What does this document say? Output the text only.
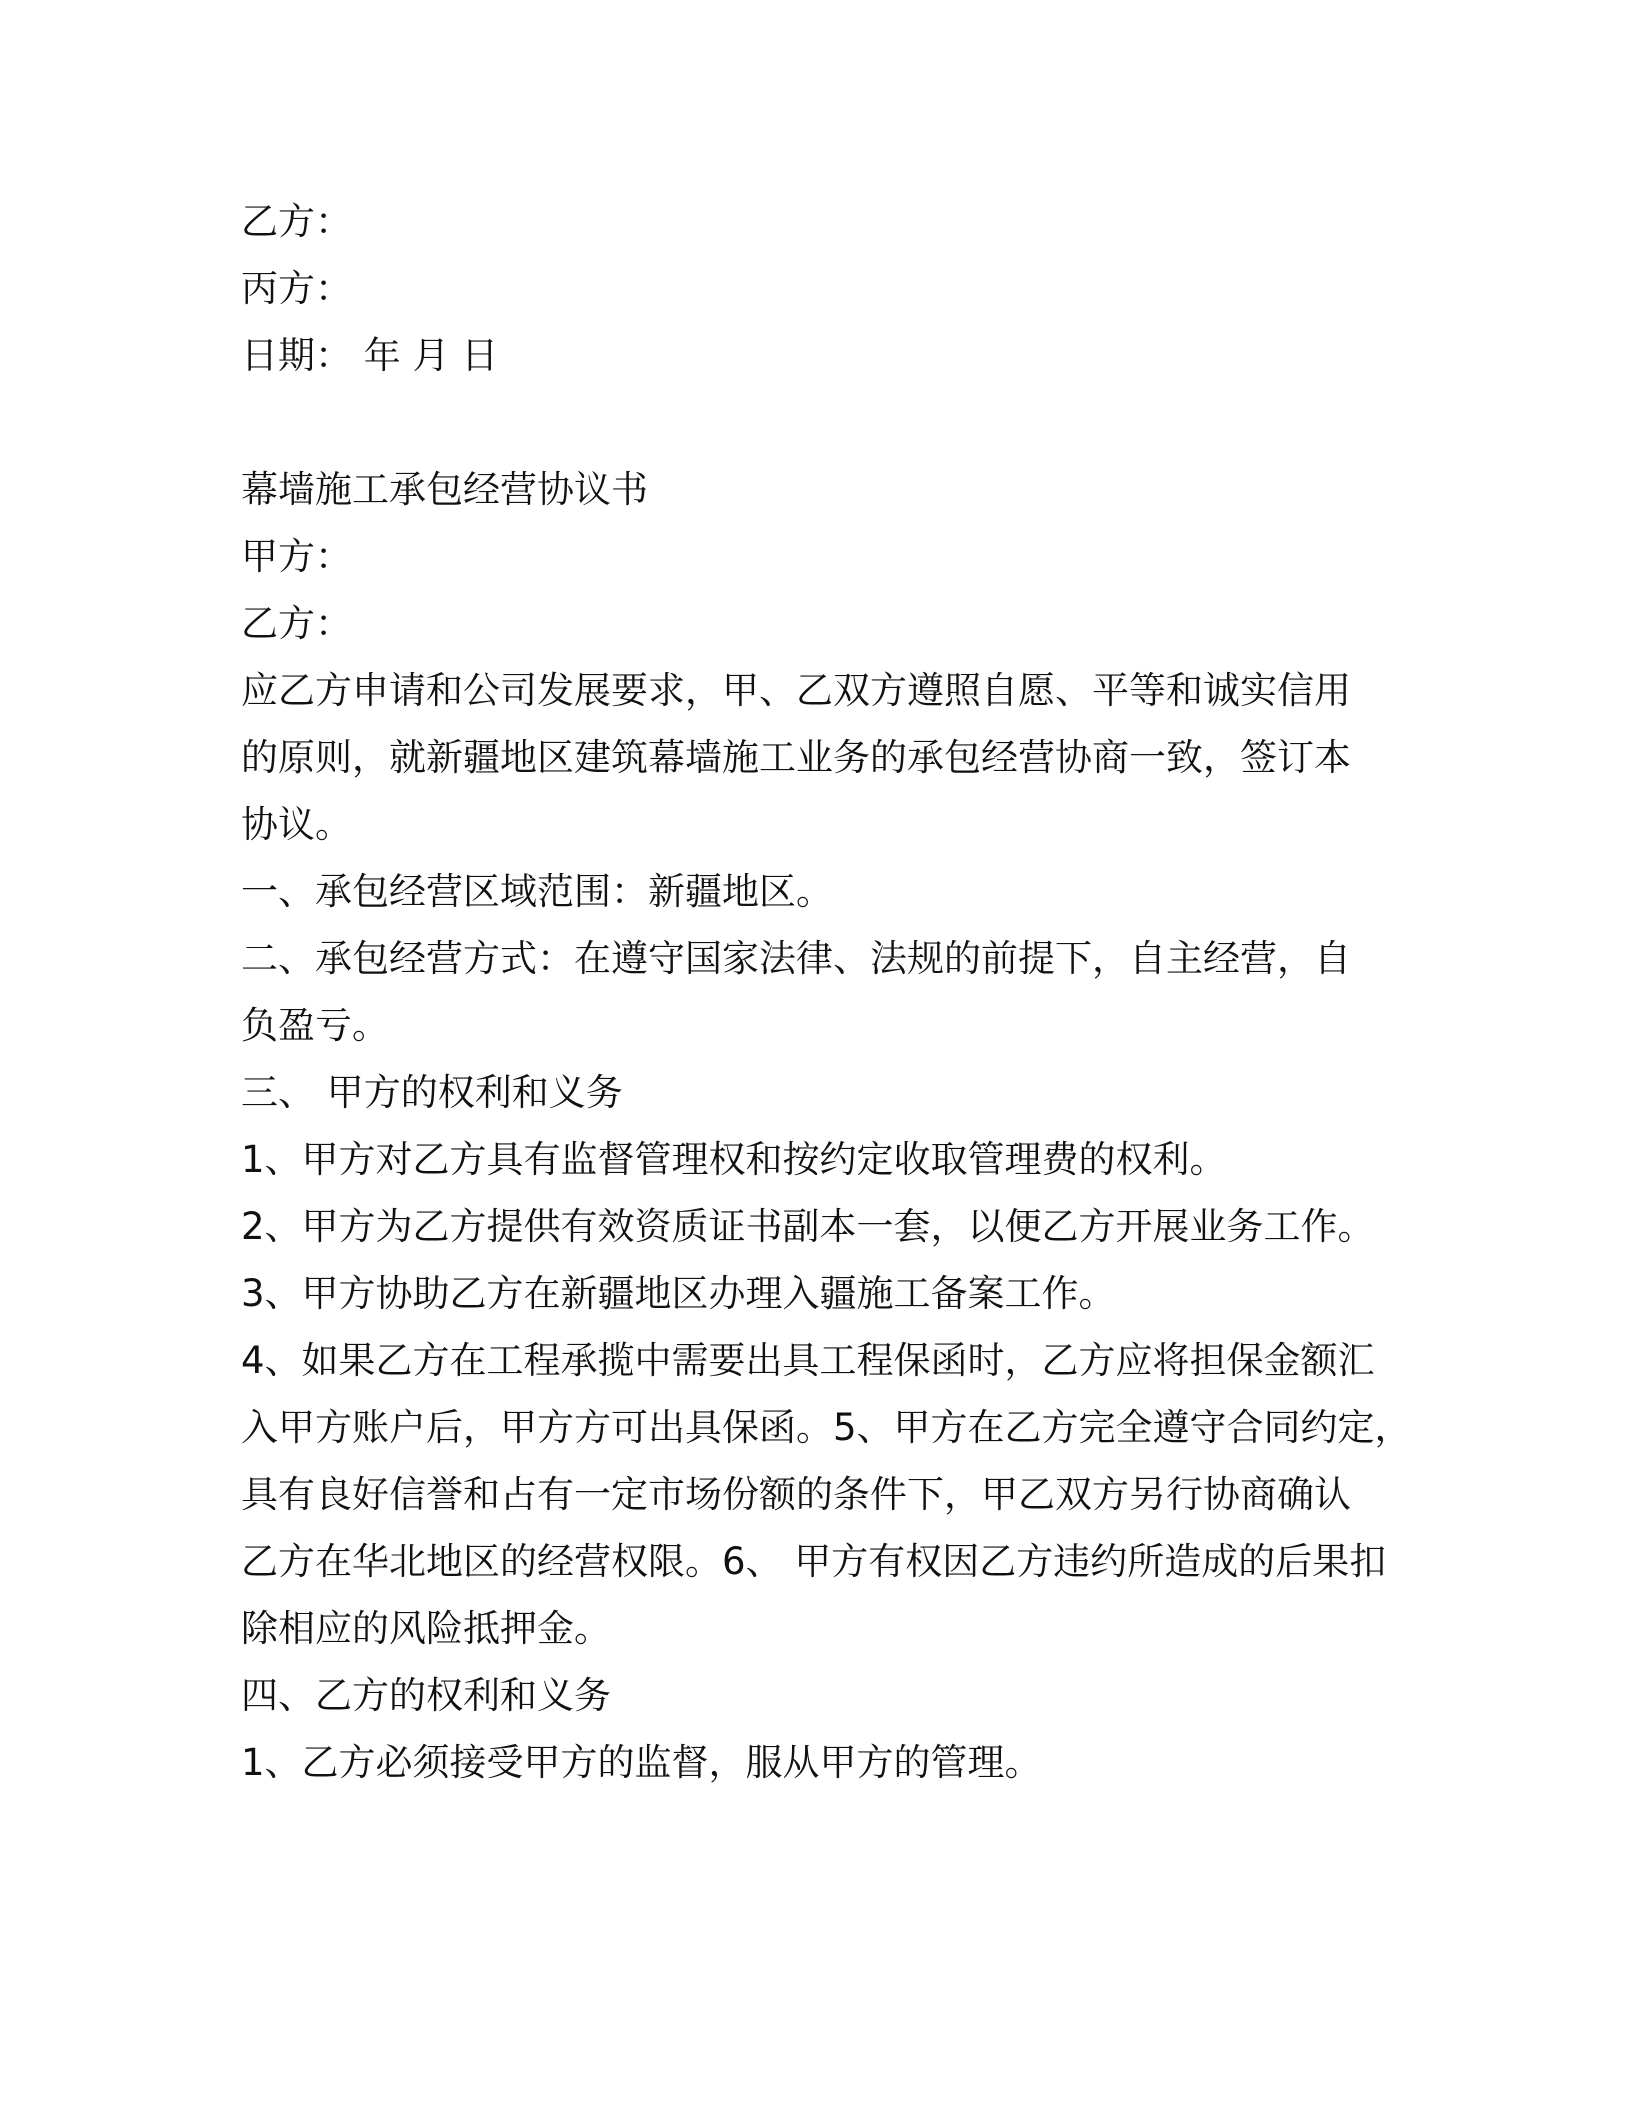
乙方：
丙方：
日期： 年 月 日
幕墙施工承包经营协议书
甲方：
乙方：
应乙方申请和公司发展要求，甲、乙双方遵照自愿、平等和诚实信用
的原则，就新疆地区建筑幕墙施工业务的承包经营协商一致，签订本
协议。
一、承包经营区域范围：新疆地区。
二、承包经营方式：在遵守国家法律、法规的前提下，自主经营，自
负盈亏。
三、 甲方的权利和义务
1、甲方对乙方具有监督管理权和按约定收取管理费的权利。
2、甲方为乙方提供有效资质证书副本一套，以便乙方开展业务工作。
3、甲方协助乙方在新疆地区办理入疆施工备案工作。
4、如果乙方在工程承揽中需要出具工程保函时，乙方应将担保金额汇
入甲方账户后，甲方方可出具保函。5、甲方在乙方完全遵守合同约定，
具有良好信誉和占有一定市场份额的条件下，甲乙双方另行协商确认
乙方在华北地区的经营权限。6、 甲方有权因乙方违约所造成的后果扣
除相应的风险抵押金。
四、乙方的权利和义务
1、乙方必须接受甲方的监督，服从甲方的管理。
